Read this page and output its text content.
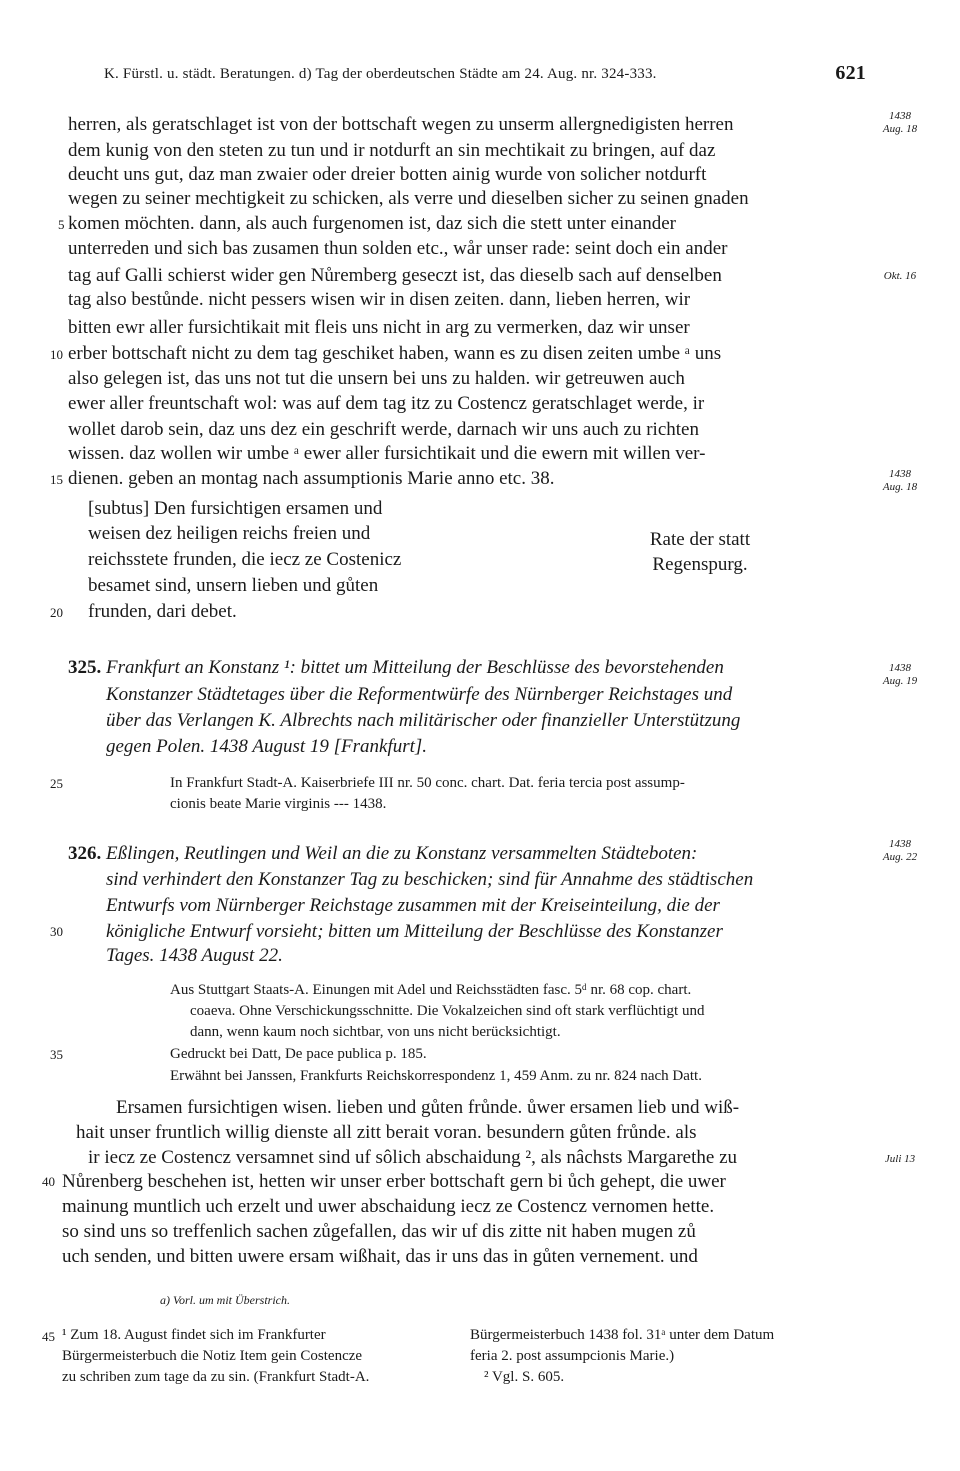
K. Fürstl. u. städt. Beratungen. d) Tag der oberdeutschen Städte am 24. Aug. nr. 324-333.	621
herren, als geratschlaget ist von der bottschaft wegen zu unserm allergnedigisten herren
dem kunig von den steten zu tun und ir notdurft an sin mechtikait zu bringen, auf daz
deucht uns gut, daz man zwaier oder dreier botten ainig wurde von solicher notdurft
wegen zu seiner mechtigkeit zu schicken, als verre und dieselben sicher zu seinen gnaden
komen möchten. dann, als auch furgenomen ist, daz sich die stett unter einander
unterreden und sich bas zusamen thun solden etc., wår unser rade: seint doch ein ander
tag auf Galli schierst wider gen Nůremberg geseczt ist, das dieselb sach auf denselben
tag also bestůnde. nicht pessers wisen wir in disen zeiten. dann, lieben herren, wir
bitten ewr aller fursichtikait mit fleis uns nicht in arg zu vermerken, daz wir unser
erber bottschaft nicht zu dem tag geschiket haben, wann es zu disen zeiten umbe ᵃ uns
also gelegen ist, das uns not tut die unsern bei uns zu halden. wir getreuwen auch
ewer aller freuntschaft wol: was auf dem tag itz zu Costencz geratschlaget werde, ir
wollet darob sein, daz uns dez ein geschrift werde, darnach wir uns auch zu richten
wissen. daz wollen wir umbe ᵃ ewer aller fursichtikait und die ewern mit willen ver-
dienen. geben an montag nach assumptionis Marie anno etc. 38.
[subtus] Den fursichtigen ersamen und
weisen dez heiligen reichs freien und
reichsstete frunden, die iecz ze Costenicz
besamet sind, unsern lieben und gůten
frunden, dari debet.
Rate der statt
Regenspurg.
1438
Aug. 18
Okt. 16
1438
Aug. 18
325. Frankfurt an Konstanz ¹: bittet um Mitteilung der Beschlüsse des bevorstehenden
Konstanzer Städtetages über die Reformentwürfe des Nürnberger Reichstages und
über das Verlangen K. Albrechts nach militärischer oder finanzieller Unterstützung
gegen Polen. 1438 August 19 [Frankfurt].
In Frankfurt Stadt-A. Kaiserbriefe III nr. 50 conc. chart. Dat. feria tercia post assump-
cionis beate Marie virginis --- 1438.
1438
Aug. 19
326. Eßlingen, Reutlingen und Weil an die zu Konstanz versammelten Städteboten:
sind verhindert den Konstanzer Tag zu beschicken; sind für Annahme des städtischen
Entwurfs vom Nürnberger Reichstage zusammen mit der Kreiseinteilung, die der
königliche Entwurf vorsieht; bitten um Mitteilung der Beschlüsse des Konstanzer
Tages. 1438 August 22.
Aus Stuttgart Staats-A. Einungen mit Adel und Reichsstädten fasc. 5ᵈ nr. 68 cop. chart.
coaeva. Ohne Verschickungsschnitte. Die Vokalzeichen sind oft stark verflüchtigt und
dann, wenn kaum noch sichtbar, von uns nicht berücksichtigt.
Gedruckt bei Datt, De pace publica p. 185.
Erwähnt bei Janssen, Frankfurts Reichskorrespondenz 1, 459 Anm. zu nr. 824 nach Datt.
Ersamen fursichtigen wisen. lieben und gůten frůnde. ůwer ersamen lieb und wiß-
hait unser fruntlich willig dienste all zitt berait voran. besundern gůten frůnde. als
ir iecz ze Costencz versamnet sind uf sôlich abschaidung ², als nâchsts Margarethe zu
Nůrenberg beschehen ist, hetten wir unser erber bottschaft gern bi ůch gehept, die uwer
mainung muntlich uch erzelt und uwer abschaidung iecz ze Costencz vernomen hette.
so sind uns so treffenlich sachen zůgefallen, das wir uf dis zitte nit haben mugen zů
uch senden, und bitten uwere ersam wißhait, das ir uns das in gůten vernement. und
1438
Aug. 22
Juli 13
a) Vorl. um mit Überstrich.
¹ Zum 18. August findet sich im Frankfurter
Bürgermeisterbuch die Notiz Item gein Costencze
zu schriben zum tage da zu sin. (Frankfurt Stadt-A.
Bürgermeisterbuch 1438 fol. 31ᵃ unter dem Datum
feria 2. post assumpcionis Marie.)
² Vgl. S. 605.
5
10
15
20
25
30
35
40
45
